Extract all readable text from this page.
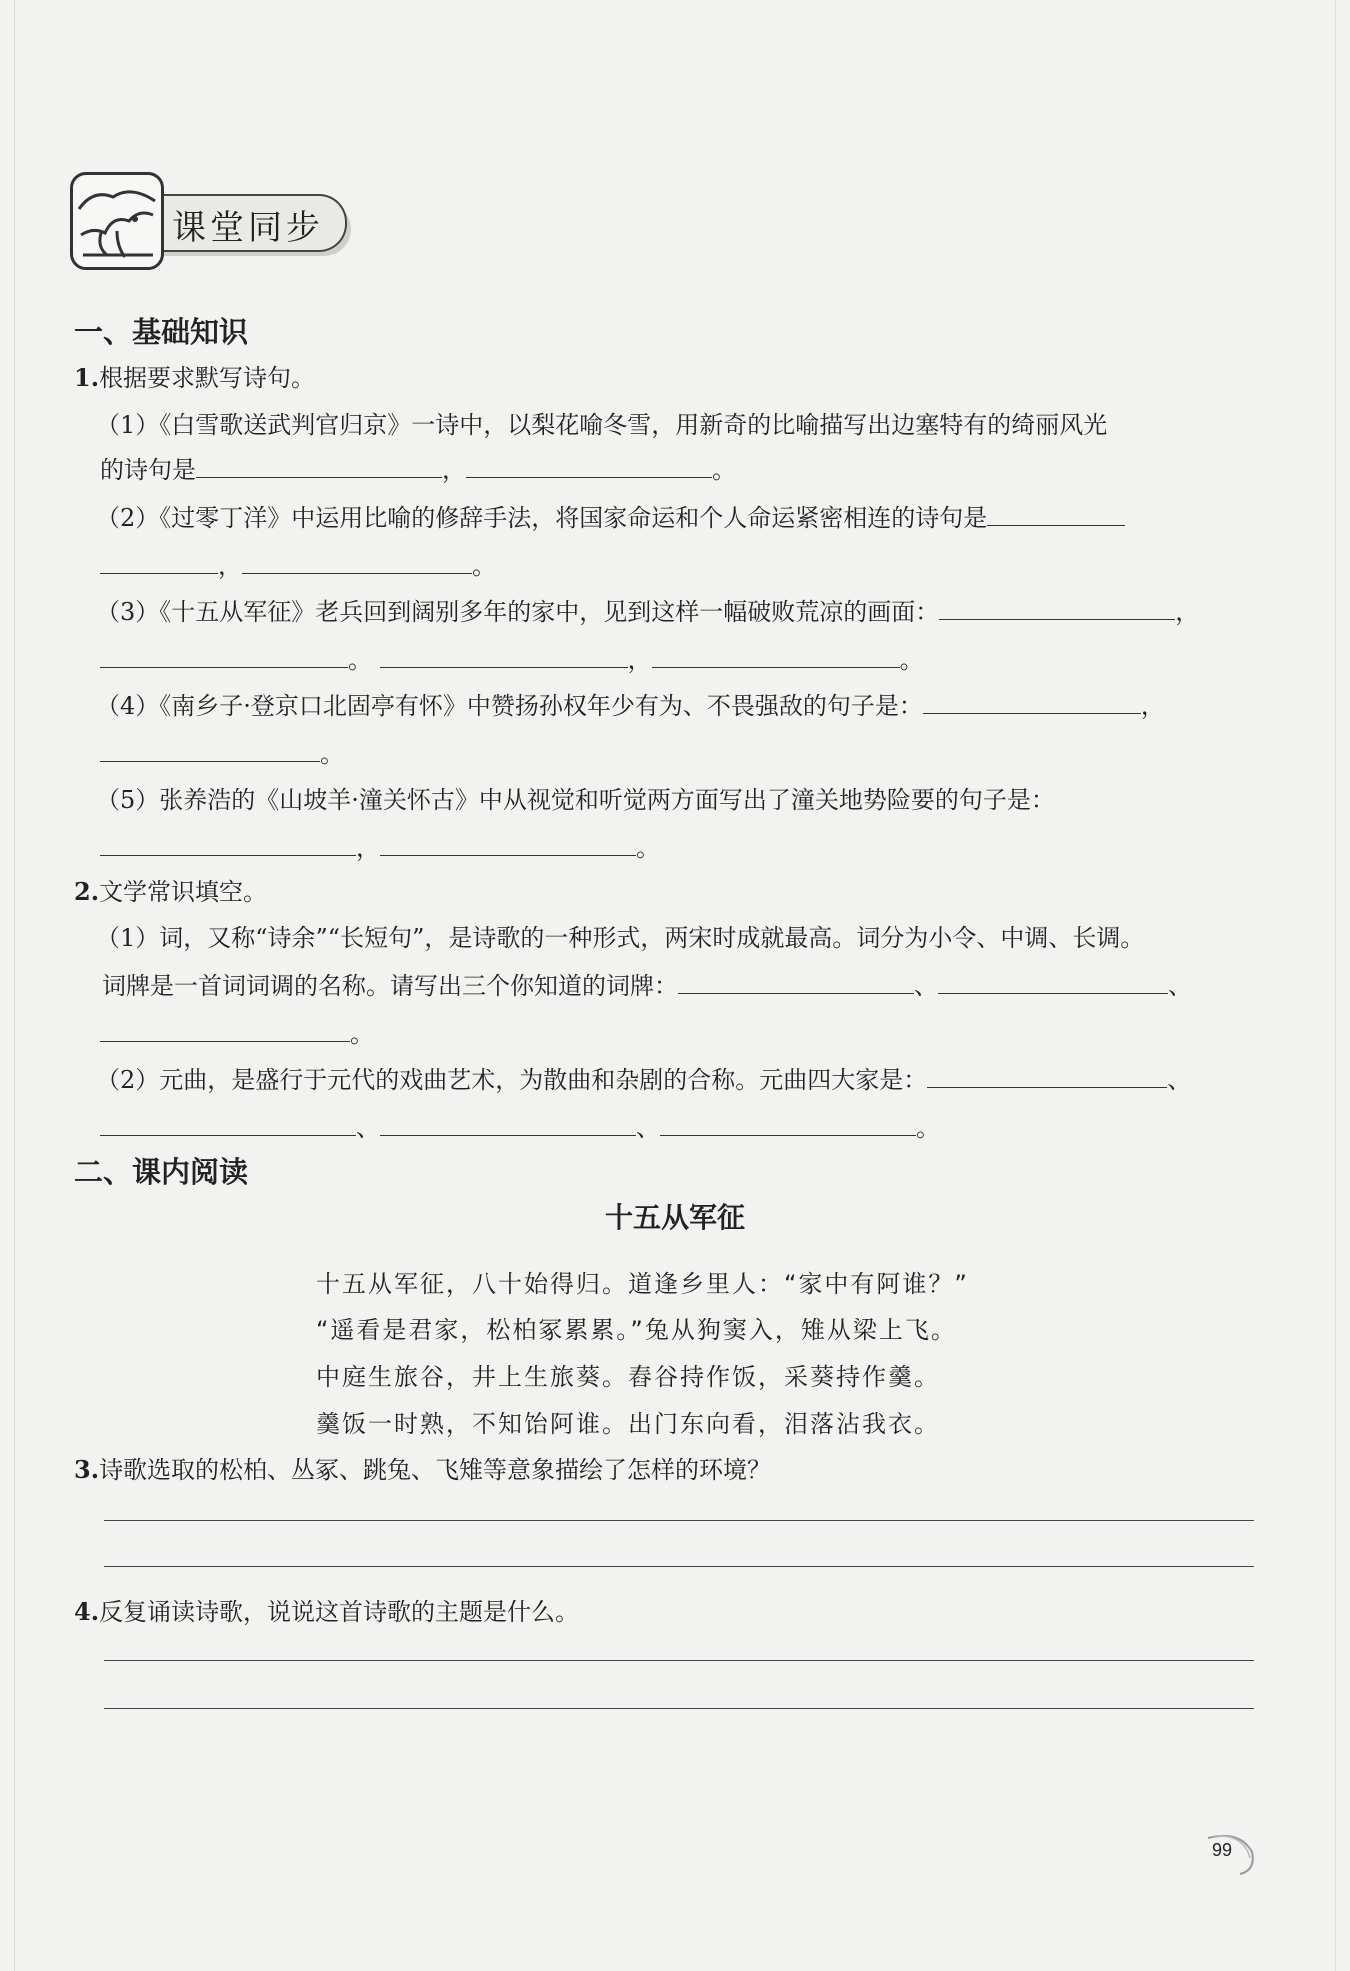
课堂同步
一、基础知识
1.根据要求默写诗句。
（1）《白雪歌送武判官归京》一诗中，以梨花喻冬雪，用新奇的比喻描写出边塞特有的绮丽风光
的诗句是	，	。
（2）《过零丁洋》中运用比喻的修辞手法，将国家命运和个人命运紧密相连的诗句是
，	。
（3）《十五从军征》老兵回到阔别多年的家中，见到这样一幅破败荒凉的画面：	，
。	，	。
（4）《南乡子·登京口北固亭有怀》中赞扬孙权年少有为、不畏强敌的句子是：	，
。
（5）张养浩的《山坡羊·潼关怀古》中从视觉和听觉两方面写出了潼关地势险要的句子是：
，	。
2.文学常识填空。
（1）词，又称“诗余”“长短句”，是诗歌的一种形式，两宋时成就最高。词分为小令、中调、长调。
词牌是一首词词调的名称。请写出三个你知道的词牌：	、	、
。
（2）元曲，是盛行于元代的戏曲艺术，为散曲和杂剧的合称。元曲四大家是：	、
、	、	。
二、课内阅读
十五从军征
十五从军征，八十始得归。道逢乡里人：“家中有阿谁？”
“遥看是君家，松柏冢累累。”兔从狗窦入，雉从梁上飞。
中庭生旅谷，井上生旅葵。舂谷持作饭，采葵持作羹。
羹饭一时熟，不知饴阿谁。出门东向看，泪落沾我衣。
3.诗歌选取的松柏、丛冢、跳兔、飞雉等意象描绘了怎样的环境？
4.反复诵读诗歌，说说这首诗歌的主题是什么。
99
